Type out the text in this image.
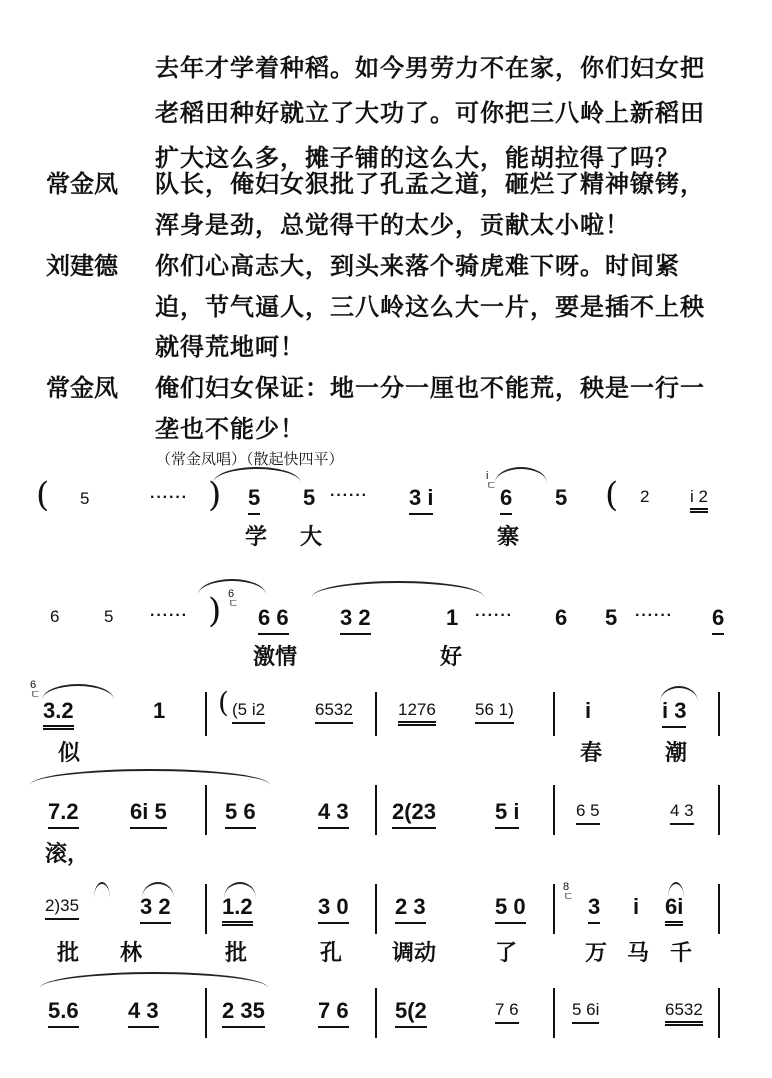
去年才学着种稻。如今男劳力不在家，你们妇女把
老稻田种好就立了大功了。可你把三八岭上新稻田
扩大这么多，摊子铺的这么大，能胡拉得了吗？
常金凤 队长，俺妇女狠批了孔孟之道，砸烂了精神镣铐，
浑身是劲，总觉得干的太少，贡献太小啦！
刘建德 你们心高志大，到头来落个骑虎难下呀。时间紧
迫，节气逼人，三八岭这么大一片，要是插不上秧
就得荒地呵！
常金凤 俺们妇女保证：地一分一厘也不能荒，秧是一行一
垄也不能少！
（常金凤唱）（散起快四平）
( 5	······ ) 5 5 ······ 3 i
i
ㄷ 6 5 ( 2 i 2
学 大	寨
6	5 ······ ) 6 6
6
ㄷ
3 2	1 ······ 6 5 ······ 6
激情	好
6
ㄷ
3.2	1 ( (5 i2	6532	1276 56 1)	i	i 3
似	春	潮
7.2 6i 5	5 6	4 3 2(23	5 i	6 5	4 3
滚，
2)35	3 2 1.2	3 0 2 3	5 0
8
ㄷ 3 i 6i
批 林	批	孔 调动	了	万 马 千
5.6 4 3	2 35 7 6 5(2	7 6	5 6i	6532
